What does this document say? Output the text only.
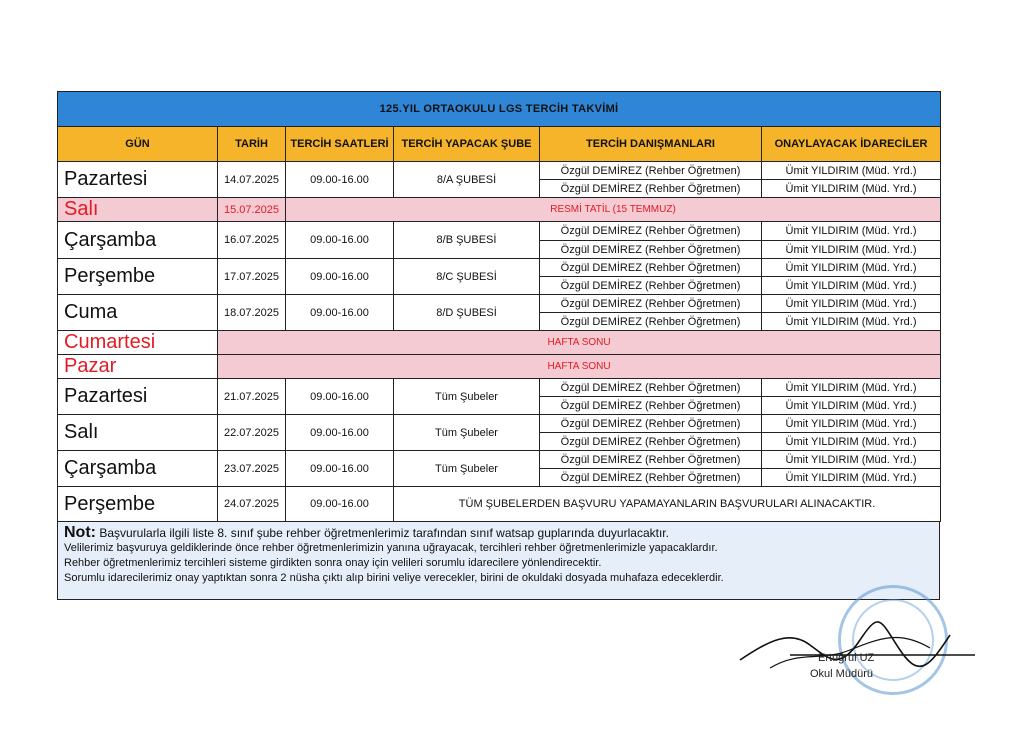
125.YIL ORTAOKULU LGS TERCİH TAKVİMİ					
GÜN	TARİH	TERCİH SAATLERİ	TERCİH YAPACAK ŞUBE	TERCİH DANIŞMANLARI	ONAYLAYACAK İDARECİLER
Pazartesi	14.07.2025	09.00-16.00	8/A ŞUBESİ	Özgül DEMİREZ (Rehber Öğretmen)	Ümit YILDIRIM (Müd. Yrd.)
				Özgül DEMİREZ (Rehber Öğretmen)	Ümit YILDIRIM (Müd. Yrd.)
Salı	15.07.2025	RESMİ TATİL (15 TEMMUZ)			
Çarşamba	16.07.2025	09.00-16.00	8/B ŞUBESİ	Özgül DEMİREZ (Rehber Öğretmen)	Ümit YILDIRIM (Müd. Yrd.)
				Özgül DEMİREZ (Rehber Öğretmen)	Ümit YILDIRIM (Müd. Yrd.)
Perşembe	17.07.2025	09.00-16.00	8/C ŞUBESİ	Özgül DEMİREZ (Rehber Öğretmen)	Ümit YILDIRIM (Müd. Yrd.)
				Özgül DEMİREZ (Rehber Öğretmen)	Ümit YILDIRIM (Müd. Yrd.)
Cuma	18.07.2025	09.00-16.00	8/D ŞUBESİ	Özgül DEMİREZ (Rehber Öğretmen)	Ümit YILDIRIM (Müd. Yrd.)
				Özgül DEMİREZ (Rehber Öğretmen)	Ümit YILDIRIM (Müd. Yrd.)
Cumartesi	HAFTA SONU				
Pazar	HAFTA SONU				
Pazartesi	21.07.2025	09.00-16.00	Tüm Şubeler	Özgül DEMİREZ (Rehber Öğretmen)	Ümit YILDIRIM (Müd. Yrd.)
				Özgül DEMİREZ (Rehber Öğretmen)	Ümit YILDIRIM (Müd. Yrd.)
Salı	22.07.2025	09.00-16.00	Tüm Şubeler	Özgül DEMİREZ (Rehber Öğretmen)	Ümit YILDIRIM (Müd. Yrd.)
				Özgül DEMİREZ (Rehber Öğretmen)	Ümit YILDIRIM (Müd. Yrd.)
Çarşamba	23.07.2025	09.00-16.00	Tüm Şubeler	Özgül DEMİREZ (Rehber Öğretmen)	Ümit YILDIRIM (Müd. Yrd.)
				Özgül DEMİREZ (Rehber Öğretmen)	Ümit YILDIRIM (Müd. Yrd.)
Perşembe	24.07.2025	09.00-16.00	TÜM ŞUBELERDEN BAŞVURU YAPAMAYANLARIN BAŞVURULARI ALINACAKTIR.		
Not: Başvurularla ilgili liste 8. sınıf şube rehber öğretmenlerimiz tarafından sınıf watsap guplarında duyurlacaktır.
Velilerimiz başvuruya geldiklerinde önce rehber öğretmenlerimizin yanına uğrayacak, tercihleri rehber öğretmenlerimizle yapacaklardır.
Rehber öğretmenlerimiz tercihleri sisteme girdikten sonra onay için velileri sorumlu idarecilere yönlendirecektir.
Sorumlu idarecilerimiz onay yaptıktan sonra 2 nüsha çıktı alıp birini veliye verecekler, birini de okuldaki dosyada muhafaza edeceklerdir.
Ertuğrul UZ
Okul Müdürü
